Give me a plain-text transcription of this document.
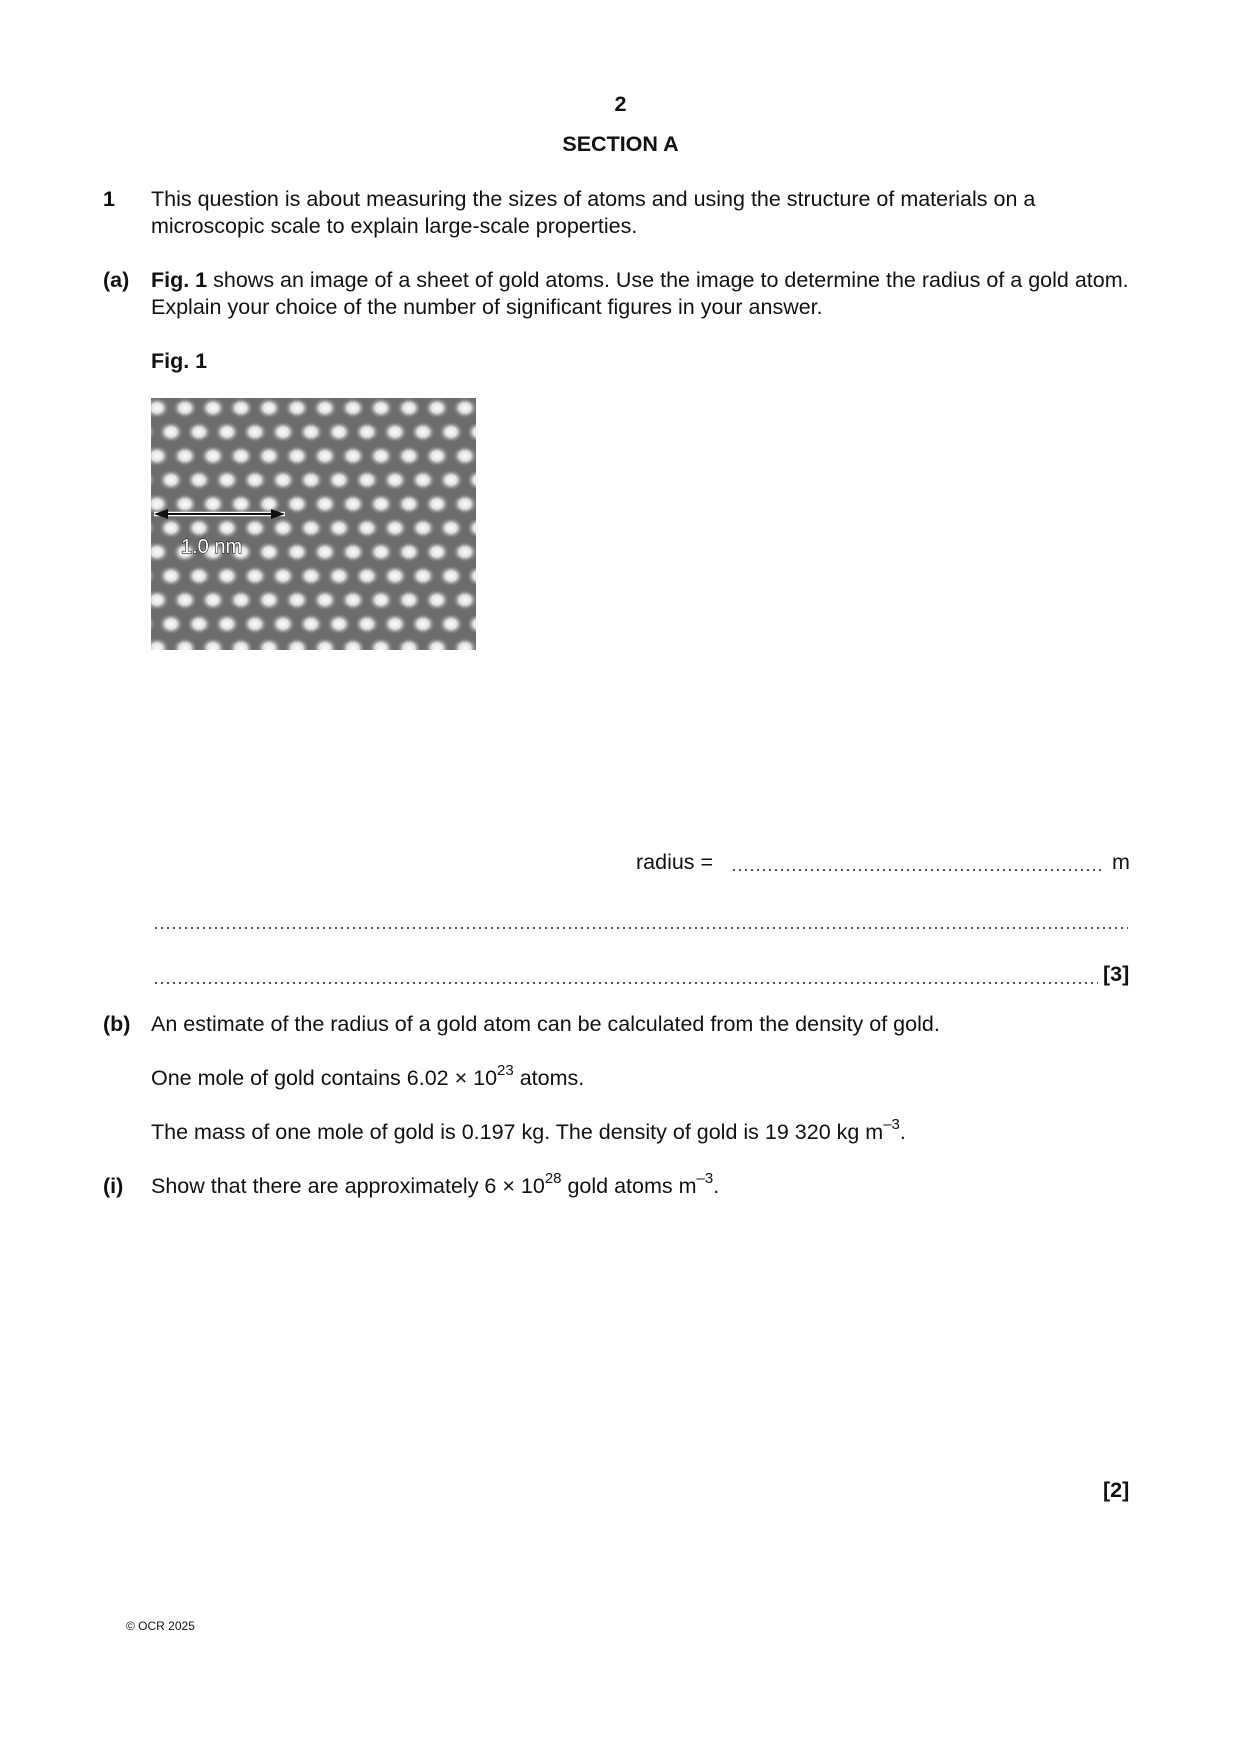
2
SECTION A
1 This question is about measuring the sizes of atoms and using the structure of materials on a microscopic scale to explain large-scale properties.
(a) Fig. 1 shows an image of a sheet of gold atoms. Use the image to determine the radius of a gold atom. Explain your choice of the number of significant figures in your answer.
Fig. 1
1.0 nm
radius =	m
[3]
(b) An estimate of the radius of a gold atom can be calculated from the density of gold.
One mole of gold contains $6.02 \times 10^{23}$ atoms.
The mass of one mole of gold is 0.197 kg. The density of gold is 19 320 kg $m^{-3}$.
(i) Show that there are approximately $6 \times 10^{28}$ gold atoms $m^{-3}$.
[2]
© OCR 2025
